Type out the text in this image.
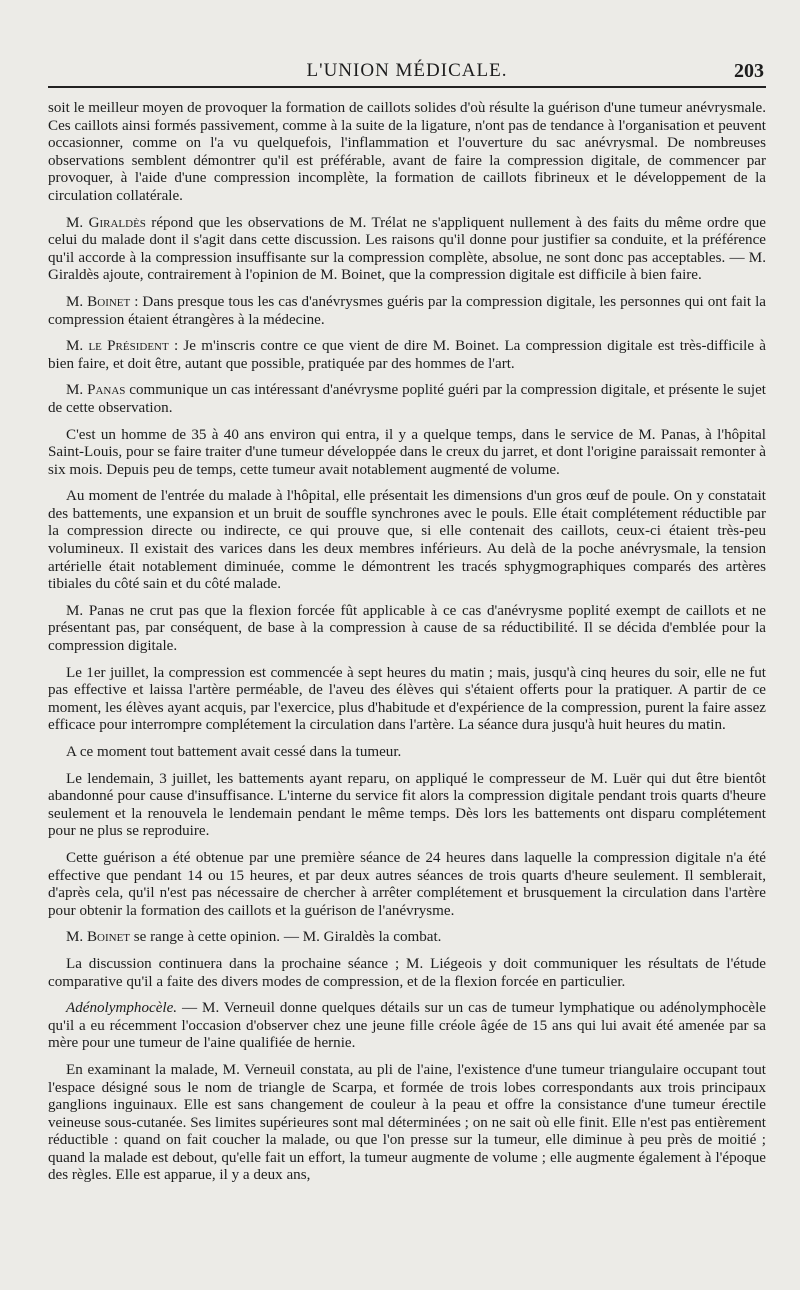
L'UNION MÉDICALE.	203

soit le meilleur moyen de provoquer la formation de caillots solides d'où résulte la guérison d'une tumeur anévrysmale. Ces caillots ainsi formés passivement, comme à la suite de la ligature, n'ont pas de tendance à l'organisation et peuvent occasionner, comme on l'a vu quelquefois, l'inflammation et l'ouverture du sac anévrysmal. De nombreuses observations semblent démontrer qu'il est préférable, avant de faire la compression digitale, de commencer par provoquer, à l'aide d'une compression incomplète, la formation de caillots fibrineux et le développement de la circulation collatérale.

M. Giraldès répond que les observations de M. Trélat ne s'appliquent nullement à des faits du même ordre que celui du malade dont il s'agit dans cette discussion. Les raisons qu'il donne pour justifier sa conduite, et la préférence qu'il accorde à la compression insuffisante sur la compression complète, absolue, ne sont donc pas acceptables. — M. Giraldès ajoute, contrairement à l'opinion de M. Boinet, que la compression digitale est difficile à bien faire.

M. Boinet : Dans presque tous les cas d'anévrysmes guéris par la compression digitale, les personnes qui ont fait la compression étaient étrangères à la médecine.

M. le Président : Je m'inscris contre ce que vient de dire M. Boinet. La compression digitale est très-difficile à bien faire, et doit être, autant que possible, pratiquée par des hommes de l'art.

M. Panas communique un cas intéressant d'anévrysme poplité guéri par la compression digitale, et présente le sujet de cette observation.

C'est un homme de 35 à 40 ans environ qui entra, il y a quelque temps, dans le service de M. Panas, à l'hôpital Saint-Louis, pour se faire traiter d'une tumeur développée dans le creux du jarret, et dont l'origine paraissait remonter à six mois. Depuis peu de temps, cette tumeur avait notablement augmenté de volume.

Au moment de l'entrée du malade à l'hôpital, elle présentait les dimensions d'un gros œuf de poule. On y constatait des battements, une expansion et un bruit de souffle synchrones avec le pouls. Elle était complétement réductible par la compression directe ou indirecte, ce qui prouve que, si elle contenait des caillots, ceux-ci étaient très-peu volumineux. Il existait des varices dans les deux membres inférieurs. Au delà de la poche anévrysmale, la tension artérielle était notablement diminuée, comme le démontrent les tracés sphygmographiques comparés des artères tibiales du côté sain et du côté malade.

M. Panas ne crut pas que la flexion forcée fût applicable à ce cas d'anévrysme poplité exempt de caillots et ne présentant pas, par conséquent, de base à la compression à cause de sa réductibilité. Il se décida d'emblée pour la compression digitale.

Le 1er juillet, la compression est commencée à sept heures du matin ; mais, jusqu'à cinq heures du soir, elle ne fut pas effective et laissa l'artère perméable, de l'aveu des élèves qui s'étaient offerts pour la pratiquer. A partir de ce moment, les élèves ayant acquis, par l'exercice, plus d'habitude et d'expérience de la compression, purent la faire assez efficace pour interrompre complétement la circulation dans l'artère. La séance dura jusqu'à huit heures du matin.

A ce moment tout battement avait cessé dans la tumeur.

Le lendemain, 3 juillet, les battements ayant reparu, on appliqué le compresseur de M. Luër qui dut être bientôt abandonné pour cause d'insuffisance. L'interne du service fit alors la compression digitale pendant trois quarts d'heure seulement et la renouvela le lendemain pendant le même temps. Dès lors les battements ont disparu complétement pour ne plus se reproduire.

Cette guérison a été obtenue par une première séance de 24 heures dans laquelle la compression digitale n'a été effective que pendant 14 ou 15 heures, et par deux autres séances de trois quarts d'heure seulement. Il semblerait, d'après cela, qu'il n'est pas nécessaire de chercher à arrêter complétement et brusquement la circulation dans l'artère pour obtenir la formation des caillots et la guérison de l'anévrysme.

M. Boinet se range à cette opinion. — M. Giraldès la combat.

La discussion continuera dans la prochaine séance ; M. Liégeois y doit communiquer les résultats de l'étude comparative qu'il a faite des divers modes de compression, et de la flexion forcée en particulier.

Adénolymphocèle. — M. Verneuil donne quelques détails sur un cas de tumeur lymphatique ou adénolymphocèle qu'il a eu récemment l'occasion d'observer chez une jeune fille créole âgée de 15 ans qui lui avait été amenée par sa mère pour une tumeur de l'aine qualifiée de hernie.

En examinant la malade, M. Verneuil constata, au pli de l'aine, l'existence d'une tumeur triangulaire occupant tout l'espace désigné sous le nom de triangle de Scarpa, et formée de trois lobes correspondants aux trois principaux ganglions inguinaux. Elle est sans changement de couleur à la peau et offre la consistance d'une tumeur érectile veineuse sous-cutanée. Ses limites supérieures sont mal déterminées ; on ne sait où elle finit. Elle n'est pas entièrement réductible : quand on fait coucher la malade, ou que l'on presse sur la tumeur, elle diminue à peu près de moitié ; quand la malade est debout, qu'elle fait un effort, la tumeur augmente de volume ; elle augmente également à l'époque des règles. Elle est apparue, il y a deux ans,
